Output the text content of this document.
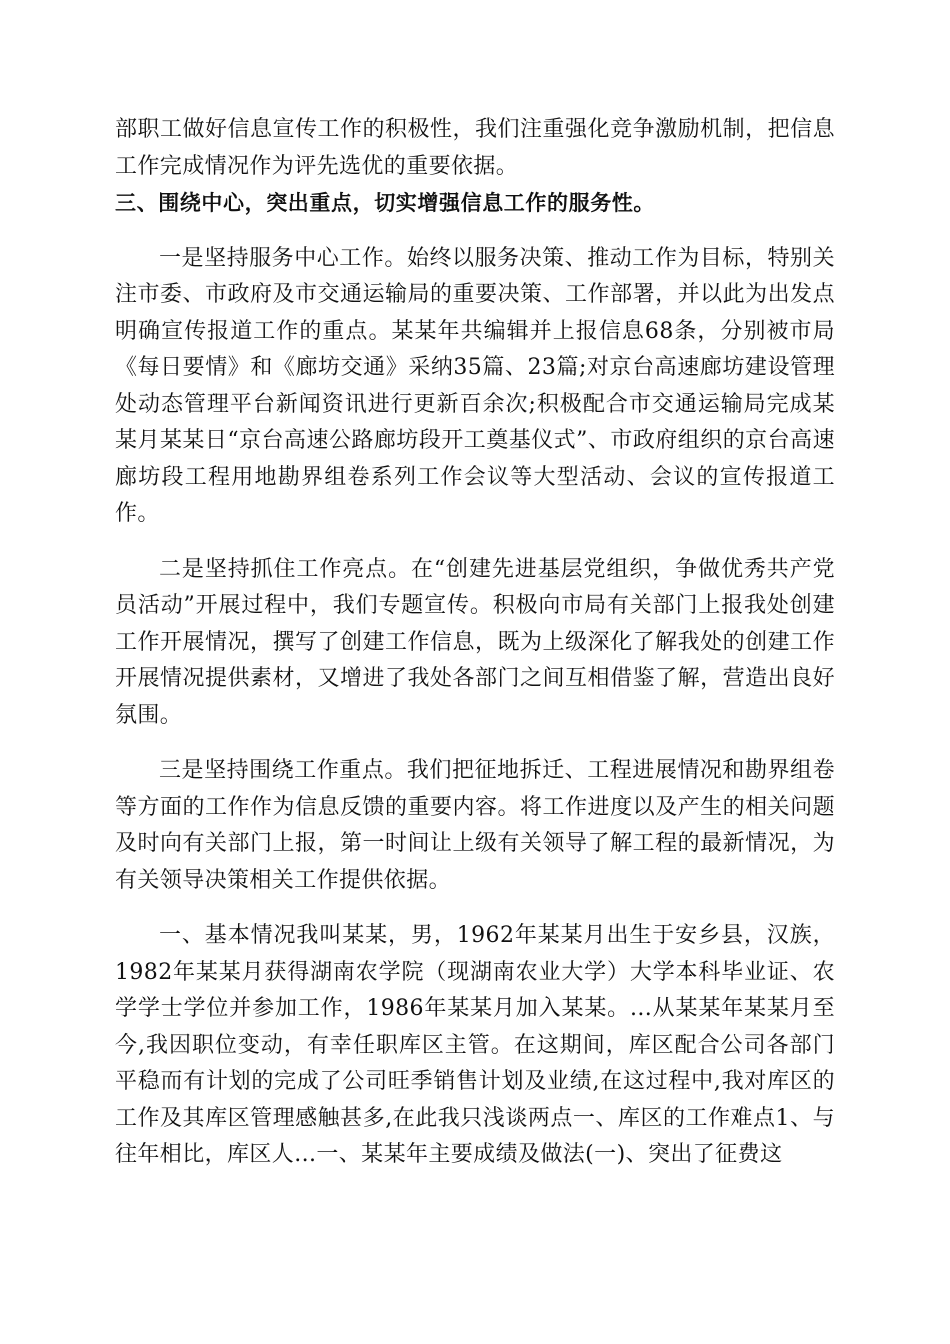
部职工做好信息宣传工作的积极性，我们注重强化竞争激励机制，把信息工作完成情况作为评先选优的重要依据。

三、围绕中心，突出重点，切实增强信息工作的服务性。

一是坚持服务中心工作。始终以服务决策、推动工作为目标，特别关注市委、市政府及市交通运输局的重要决策、工作部署，并以此为出发点明确宣传报道工作的重点。某某年共编辑并上报信息68条，分别被市局《每日要情》和《廊坊交通》采纳35篇、23篇;对京台高速廊坊建设管理处动态管理平台新闻资讯进行更新百余次;积极配合市交通运输局完成某某月某某日“京台高速公路廊坊段开工奠基仪式”、市政府组织的京台高速廊坊段工程用地勘界组卷系列工作会议等大型活动、会议的宣传报道工作。

二是坚持抓住工作亮点。在“创建先进基层党组织，争做优秀共产党员活动”开展过程中，我们专题宣传。积极向市局有关部门上报我处创建工作开展情况，撰写了创建工作信息，既为上级深化了解我处的创建工作开展情况提供素材，又增进了我处各部门之间互相借鉴了解，营造出良好氛围。

三是坚持围绕工作重点。我们把征地拆迁、工程进展情况和勘界组卷等方面的工作作为信息反馈的重要内容。将工作进度以及产生的相关问题及时向有关部门上报，第一时间让上级有关领导了解工程的最新情况，为有关领导决策相关工作提供依据。

一、基本情况我叫某某，男，1962年某某月出生于安乡县，汉族，1982年某某月获得湖南农学院（现湖南农业大学）大学本科毕业证、农学学士学位并参加工作，1986年某某月加入某某。...从某某年某某月至今,我因职位变动，有幸任职库区主管。在这期间，库区配合公司各部门平稳而有计划的完成了公司旺季销售计划及业绩,在这过程中,我对库区的工作及其库区管理感触甚多,在此我只浅谈两点一、库区的工作难点1、与往年相比，库区人...一、某某年主要成绩及做法(一)、突出了征费这
